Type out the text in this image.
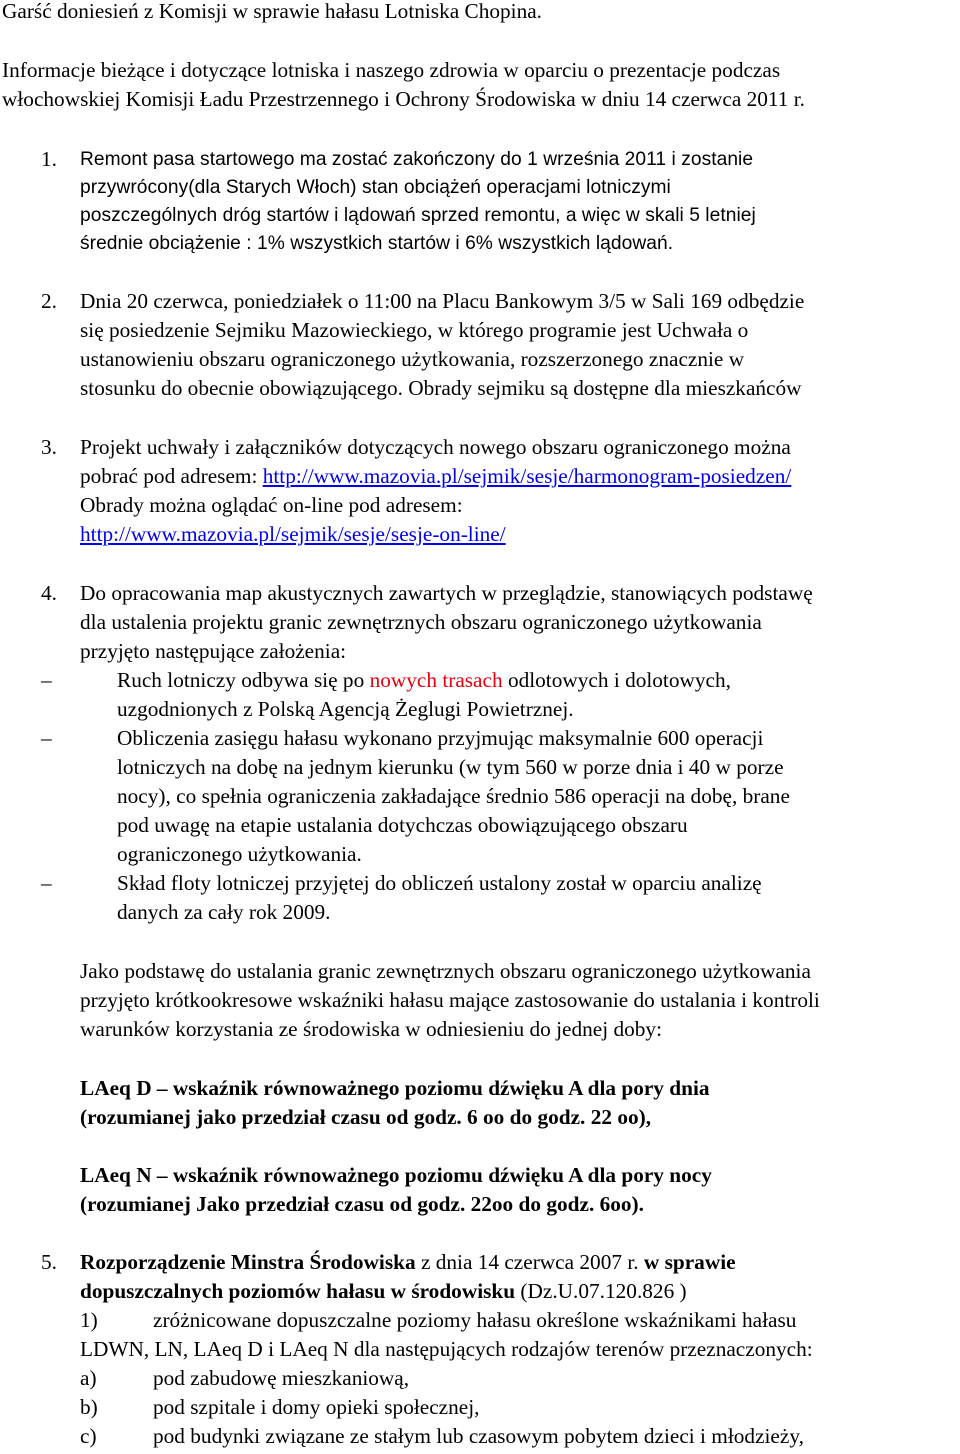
Garść doniesień z Komisji w sprawie hałasu Lotniska Chopina.
Informacje bieżące i dotyczące lotniska i naszego zdrowia w oparciu o prezentacje podczas
włochowskiej Komisji Ładu Przestrzennego i Ochrony Środowiska w dniu 14 czerwca 2011 r.
1. Remont pasa startowego ma zostać zakończony do 1 września 2011 i zostanie
przywrócony(dla Starych Włoch) stan obciążeń operacjami lotniczymi
poszczególnych dróg startów i lądowań sprzed remontu, a więc w skali 5 letniej
średnie obciążenie : 1% wszystkich startów i 6% wszystkich lądowań.
2. Dnia 20 czerwca, poniedziałek o 11:00 na Placu Bankowym 3/5 w Sali 169 odbędzie
się posiedzenie Sejmiku Mazowieckiego, w którego programie jest Uchwała o
ustanowieniu obszaru ograniczonego użytkowania, rozszerzonego znacznie w
stosunku do obecnie obowiązującego. Obrady sejmiku są dostępne dla mieszkańców
3. Projekt uchwały i załączników dotyczących nowego obszaru ograniczonego można
pobrać pod adresem: http://www.mazovia.pl/sejmik/sesje/harmonogram-posiedzen/
Obrady można oglądać on-line pod adresem:
http://www.mazovia.pl/sejmik/sesje/sesje-on-line/
4. Do opracowania map akustycznych zawartych w przeglądzie, stanowiących podstawę
dla ustalenia projektu granic zewnętrznych obszaru ograniczonego użytkowania
przyjęto następujące założenia:
–	Ruch lotniczy odbywa się po nowych trasach odlotowych i dolotowych,
uzgodnionych z Polską Agencją Żeglugi Powietrznej.
–	Obliczenia zasięgu hałasu wykonano przyjmując maksymalnie 600 operacji
lotniczych na dobę na jednym kierunku (w tym 560 w porze dnia i 40 w porze
nocy), co spełnia ograniczenia zakładające średnio 586 operacji na dobę, brane
pod uwagę na etapie ustalania dotychczas obowiązującego obszaru
ograniczonego użytkowania.
–	Skład floty lotniczej przyjętej do obliczeń ustalony został w oparciu analizę
danych za cały rok 2009.
Jako podstawę do ustalania granic zewnętrznych obszaru ograniczonego użytkowania
przyjęto krótkookresowe wskaźniki hałasu mające zastosowanie do ustalania i kontroli
warunków korzystania ze środowiska w odniesieniu do jednej doby:
LAeq D – wskaźnik równoważnego poziomu dźwięku A dla pory dnia
(rozumianej jako przedział czasu od godz. 6 oo do godz. 22 oo),
LAeq N – wskaźnik równoważnego poziomu dźwięku A dla pory nocy
(rozumianej Jako przedział czasu od godz. 22oo do godz. 6oo).
5. Rozporządzenie Minstra Środowiska z dnia 14 czerwca 2007 r. w sprawie
dopuszczalnych poziomów hałasu w środowisku (Dz.U.07.120.826 )
1)	zróżnicowane dopuszczalne poziomy hałasu określone wskaźnikami hałasu
LDWN, LN, LAeq D i LAeq N dla następujących rodzajów terenów przeznaczonych:
a)	pod zabudowę mieszkaniową,
b)	pod szpitale i domy opieki społecznej,
c)	pod budynki związane ze stałym lub czasowym pobytem dzieci i młodzieży,
